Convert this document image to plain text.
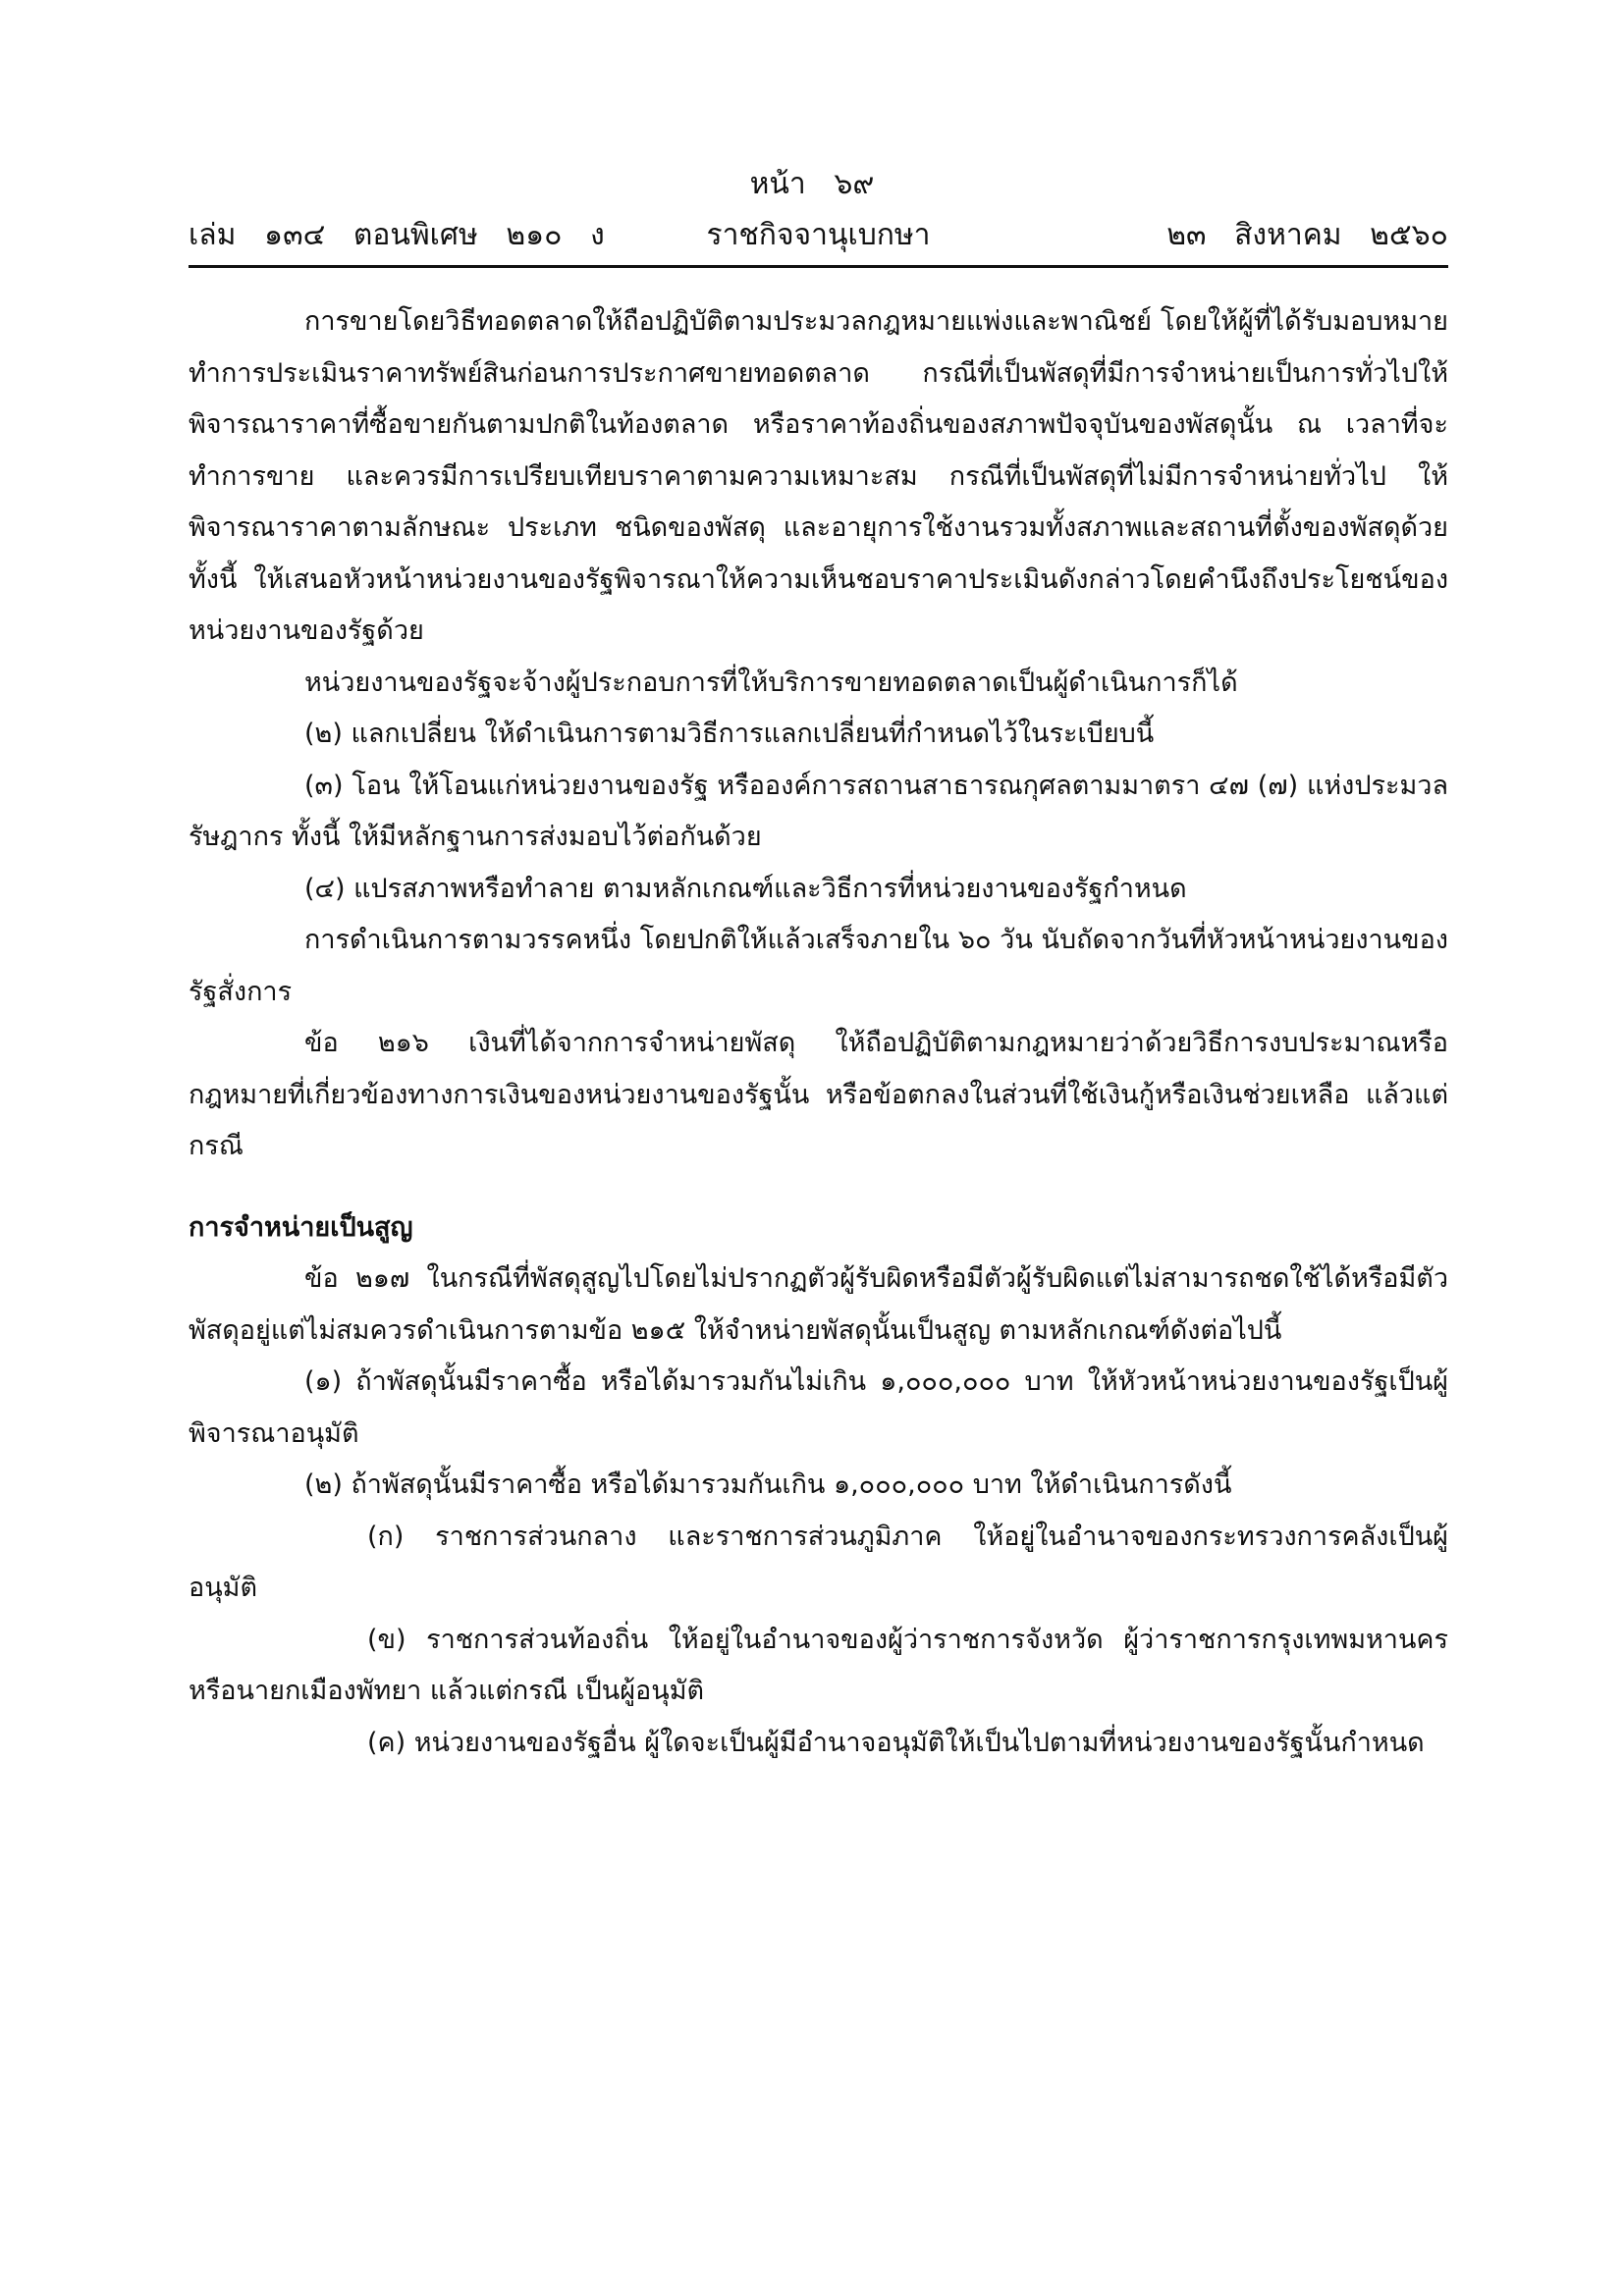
หน้า   ๖๙
เล่ม   ๑๓๔   ตอนพิเศษ   ๒๑๐   ง	ราชกิจจานุเบกษา	๒๓   สิงหาคม   ๒๕๖๐

การขายโดยวิธีทอดตลาดให้ถือปฏิบัติตามประมวลกฎหมายแพ่งและพาณิชย์ โดยให้ผู้ที่ได้รับมอบหมายทำการประเมินราคาทรัพย์สินก่อนการประกาศขายทอดตลาด กรณีที่เป็นพัสดุที่มีการจำหน่ายเป็นการทั่วไปให้พิจารณาราคาที่ซื้อขายกันตามปกติในท้องตลาด หรือราคาท้องถิ่นของสภาพปัจจุบันของพัสดุนั้น ณ เวลาที่จะทำการขาย และควรมีการเปรียบเทียบราคาตามความเหมาะสม กรณีที่เป็นพัสดุที่ไม่มีการจำหน่ายทั่วไป ให้พิจารณาราคาตามลักษณะ ประเภท ชนิดของพัสดุ และอายุการใช้งานรวมทั้งสภาพและสถานที่ตั้งของพัสดุด้วย ทั้งนี้ ให้เสนอหัวหน้าหน่วยงานของรัฐพิจารณาให้ความเห็นชอบราคาประเมินดังกล่าวโดยคำนึงถึงประโยชน์ของหน่วยงานของรัฐด้วย

หน่วยงานของรัฐจะจ้างผู้ประกอบการที่ให้บริการขายทอดตลาดเป็นผู้ดำเนินการก็ได้

(๒) แลกเปลี่ยน ให้ดำเนินการตามวิธีการแลกเปลี่ยนที่กำหนดไว้ในระเบียบนี้

(๓) โอน ให้โอนแก่หน่วยงานของรัฐ หรือองค์การสถานสาธารณกุศลตามมาตรา ๔๗ (๗) แห่งประมวลรัษฎากร ทั้งนี้ ให้มีหลักฐานการส่งมอบไว้ต่อกันด้วย

(๔) แปรสภาพหรือทำลาย ตามหลักเกณฑ์และวิธีการที่หน่วยงานของรัฐกำหนด

การดำเนินการตามวรรคหนึ่ง โดยปกติให้แล้วเสร็จภายใน ๖๐ วัน นับถัดจากวันที่หัวหน้าหน่วยงานของรัฐสั่งการ

ข้อ ๒๑๖ เงินที่ได้จากการจำหน่ายพัสดุ ให้ถือปฏิบัติตามกฎหมายว่าด้วยวิธีการงบประมาณหรือกฎหมายที่เกี่ยวข้องทางการเงินของหน่วยงานของรัฐนั้น หรือข้อตกลงในส่วนที่ใช้เงินกู้หรือเงินช่วยเหลือ แล้วแต่กรณี

การจำหน่ายเป็นสูญ

ข้อ ๒๑๗ ในกรณีที่พัสดุสูญไปโดยไม่ปรากฏตัวผู้รับผิดหรือมีตัวผู้รับผิดแต่ไม่สามารถชดใช้ได้หรือมีตัวพัสดุอยู่แต่ไม่สมควรดำเนินการตามข้อ ๒๑๕ ให้จำหน่ายพัสดุนั้นเป็นสูญ ตามหลักเกณฑ์ดังต่อไปนี้

(๑) ถ้าพัสดุนั้นมีราคาซื้อ หรือได้มารวมกันไม่เกิน ๑,๐๐๐,๐๐๐ บาท ให้หัวหน้าหน่วยงานของรัฐเป็นผู้พิจารณาอนุมัติ

(๒) ถ้าพัสดุนั้นมีราคาซื้อ หรือได้มารวมกันเกิน ๑,๐๐๐,๐๐๐ บาท ให้ดำเนินการดังนี้

(ก) ราชการส่วนกลาง และราชการส่วนภูมิภาค ให้อยู่ในอำนาจของกระทรวงการคลังเป็นผู้อนุมัติ

(ข) ราชการส่วนท้องถิ่น ให้อยู่ในอำนาจของผู้ว่าราชการจังหวัด ผู้ว่าราชการกรุงเทพมหานครหรือนายกเมืองพัทยา แล้วแต่กรณี เป็นผู้อนุมัติ

(ค) หน่วยงานของรัฐอื่น ผู้ใดจะเป็นผู้มีอำนาจอนุมัติให้เป็นไปตามที่หน่วยงานของรัฐนั้นกำหนด
